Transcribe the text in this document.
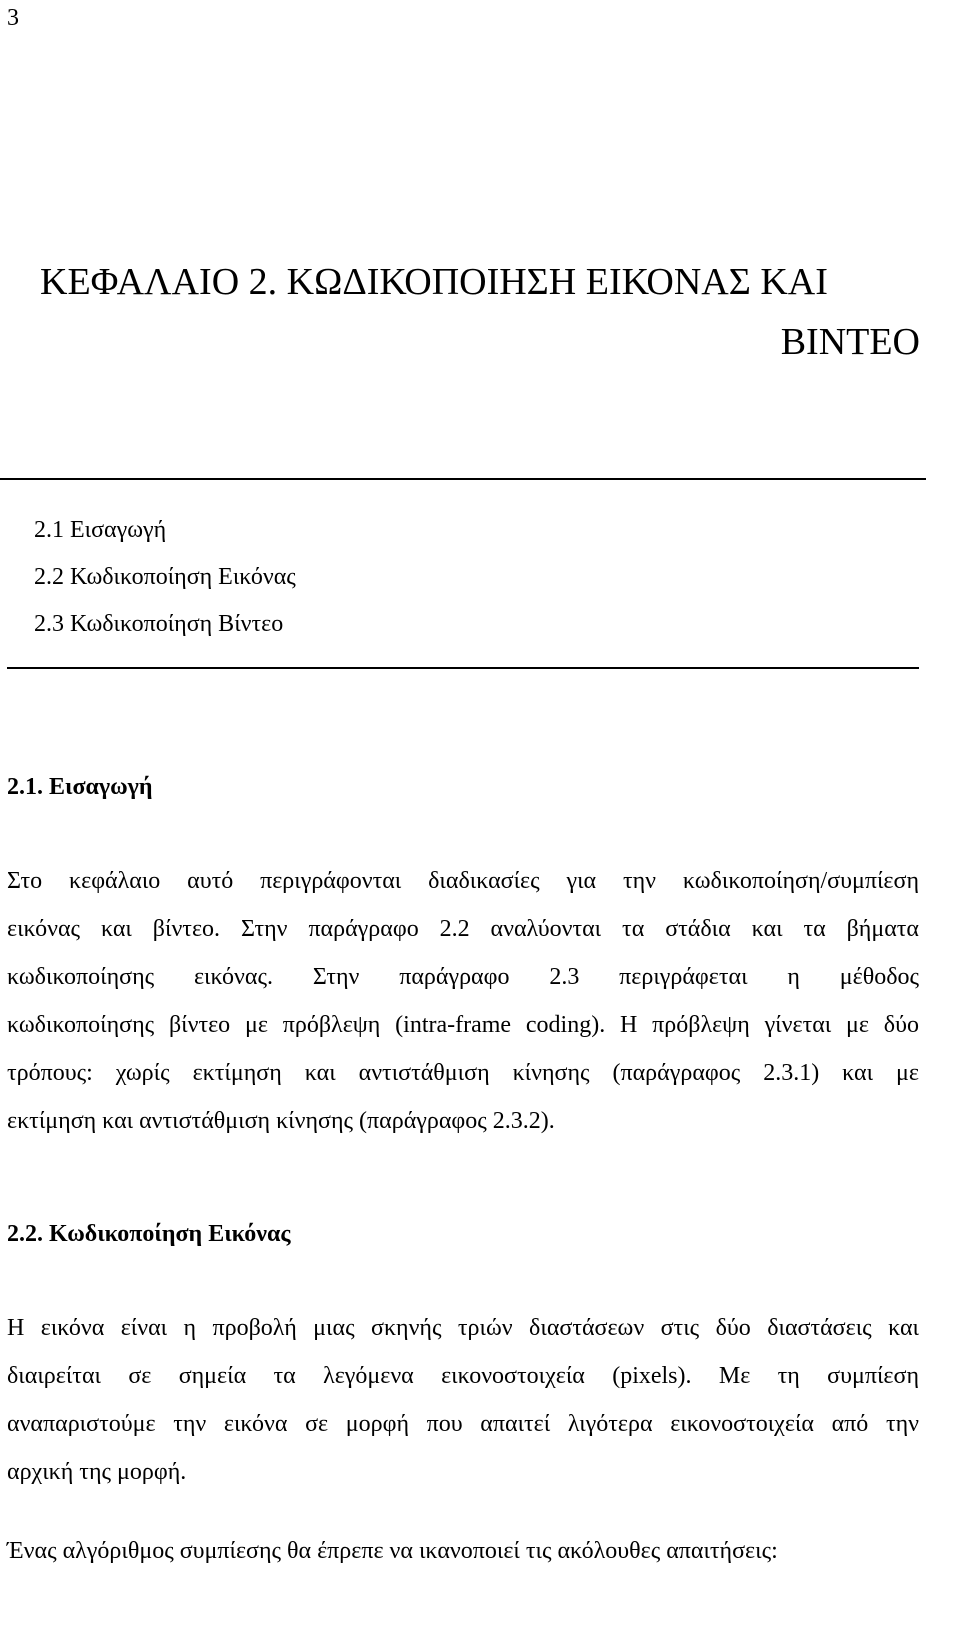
3
ΚΕΦΑΛΑΙΟ 2. ΚΩΔΙΚΟΠΟΙΗΣΗ ΕΙΚΟΝΑΣ ΚΑΙ
ΒΙΝΤΕΟ
2.1 Εισαγωγή
2.2 Κωδικοποίηση Εικόνας
2.3 Κωδικοποίηση Βίντεο
2.1. Εισαγωγή
Στο κεφάλαιο αυτό περιγράφονται διαδικασίες για την κωδικοποίηση/συμπίεση
εικόνας και βίντεο. Στην παράγραφο 2.2 αναλύονται τα στάδια και τα βήματα
κωδικοποίησης εικόνας. Στην παράγραφο 2.3 περιγράφεται η μέθοδος
κωδικοποίησης βίντεο με πρόβλεψη (intra-frame coding). Η πρόβλεψη γίνεται με δύο
τρόπους: χωρίς εκτίμηση και αντιστάθμιση κίνησης (παράγραφος 2.3.1) και με
εκτίμηση και αντιστάθμιση κίνησης (παράγραφος 2.3.2).
2.2. Κωδικοποίηση Εικόνας
Η εικόνα είναι η προβολή μιας σκηνής τριών διαστάσεων στις δύο διαστάσεις και
διαιρείται σε σημεία τα λεγόμενα εικονοστοιχεία (pixels). Με τη συμπίεση
αναπαριστούμε την εικόνα σε μορφή που απαιτεί λιγότερα εικονοστοιχεία από την
αρχική της μορφή.
Ένας αλγόριθμος συμπίεσης θα έπρεπε να ικανοποιεί τις ακόλουθες απαιτήσεις:
